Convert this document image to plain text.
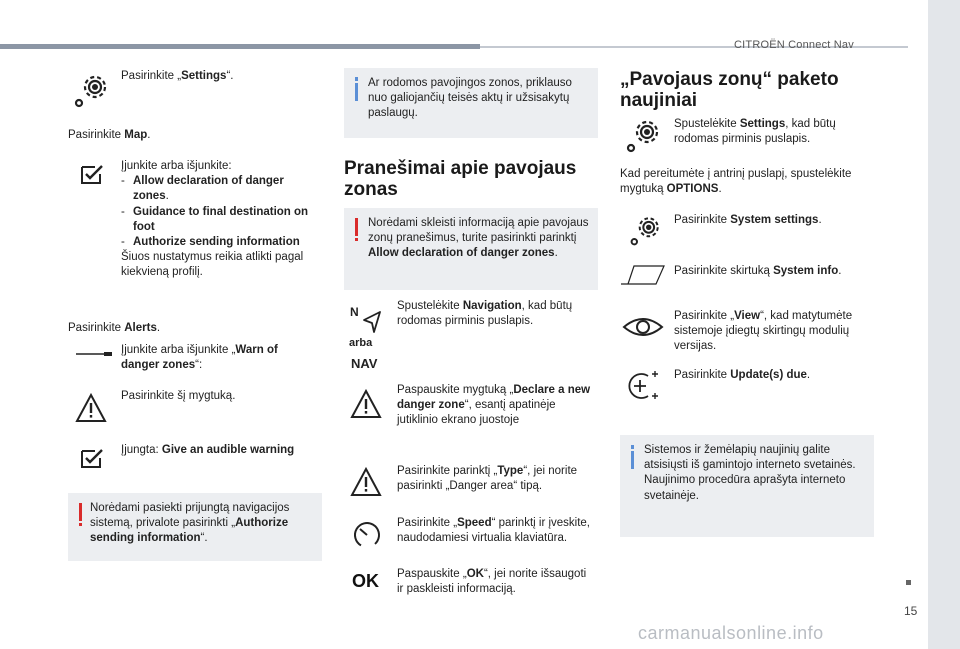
CITROËN Connect Nav
15
carmanualsonline.info
Pasirinkite „Settings“.
Pasirinkite Map.
Įjunkite arba išjunkite:
- Allow declaration of danger zones.
- Guidance to final destination on foot
- Authorize sending information
Šiuos nustatymus reikia atlikti pagal kiekvieną profilį.
Pasirinkite Alerts.
Įjunkite arba išjunkite „Warn of danger zones“:
Pasirinkite šį mygtuką.
Įjungta: Give an audible warning
Norėdami pasiekti prijungtą navigacijos sistemą, privalote pasirinkti „Authorize sending information“.
Ar rodomos pavojingos zonos, priklauso nuo galiojančių teisės aktų ir užsisakytų paslaugų.
Pranešimai apie pavojaus zonas
Norėdami skleisti informaciją apie pavojaus zonų pranešimus, turite pasirinkti parinktį Allow declaration of danger zones.
N
arba
NAV
Spustelėkite Navigation, kad būtų rodomas pirminis puslapis.
Paspauskite mygtuką „Declare a new danger zone“, esantį apatinėje jutiklinio ekrano juostoje
Pasirinkite parinktį „Type“, jei norite pasirinkti „Danger area“ tipą.
Pasirinkite „Speed“ parinktį ir įveskite, naudodamiesi virtualia klaviatūra.
OK Paspauskite „OK“, jei norite išsaugoti ir paskleisti informaciją.
„Pavojaus zonų“ paketo naujiniai
Spustelėkite Settings, kad būtų rodomas pirminis puslapis.
Kad pereitumėte į antrinį puslapį, spustelėkite mygtuką OPTIONS.
Pasirinkite System settings.
Pasirinkite skirtuką System info.
Pasirinkite „View“, kad matytumėte sistemoje įdiegtų skirtingų modulių versijas.
Pasirinkite Update(s) due.
Sistemos ir žemėlapių naujinių galite atsisiųsti iš gamintojo interneto svetainės. Naujinimo procedūra aprašyta interneto svetainėje.
